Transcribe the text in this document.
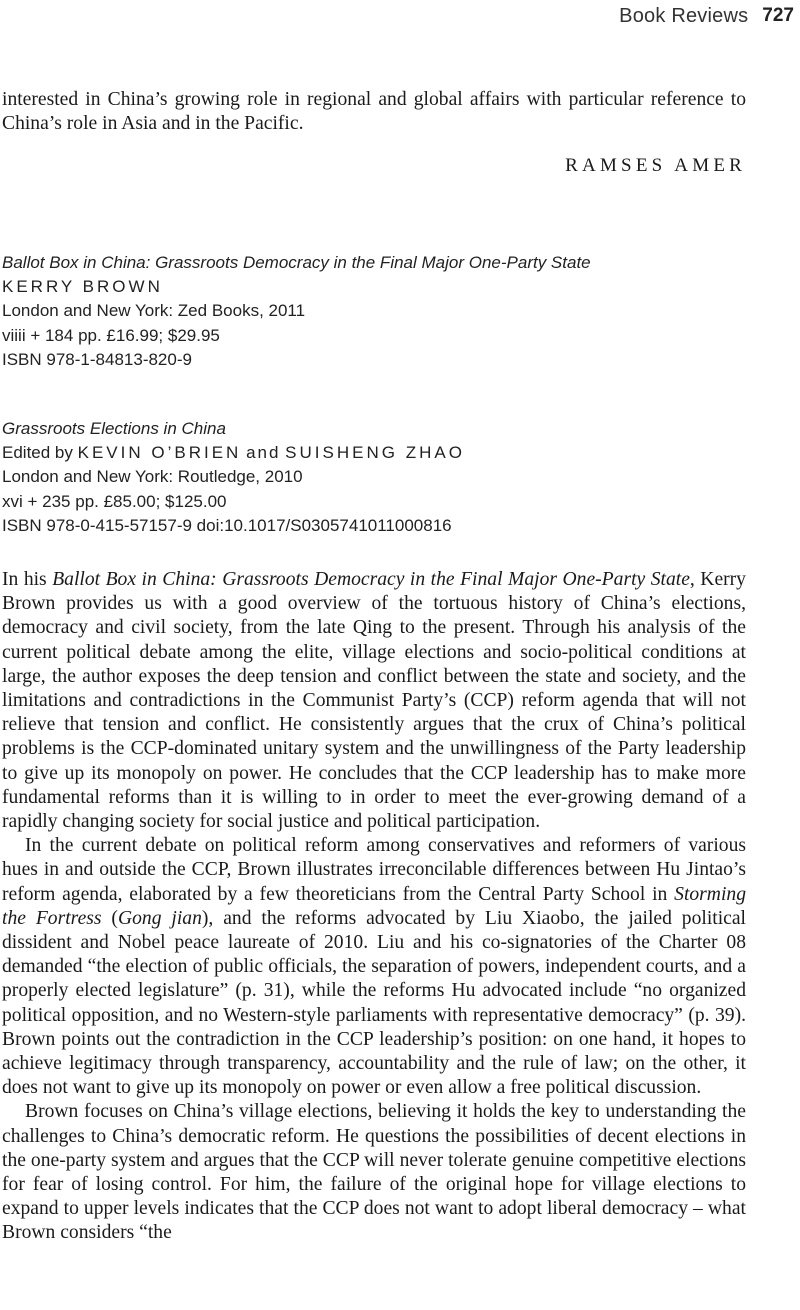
Book Reviews 727

interested in China’s growing role in regional and global affairs with particular reference to China’s role in Asia and in the Pacific.

RAMSES AMER
Ballot Box in China: Grassroots Democracy in the Final Major One-Party State
KERRY BROWN
London and New York: Zed Books, 2011
viiii + 184 pp. £16.99; $29.95
ISBN 978-1-84813-820-9
Grassroots Elections in China
Edited by KEVIN O’BRIEN and SUISHENG ZHAO
London and New York: Routledge, 2010
xvi + 235 pp. £85.00; $125.00
ISBN 978-0-415-57157-9 doi:10.1017/S0305741011000816

In his Ballot Box in China: Grassroots Democracy in the Final Major One-Party State, Kerry Brown provides us with a good overview of the tortuous history of China’s elections, democracy and civil society, from the late Qing to the present. Through his analysis of the current political debate among the elite, village elections and socio-political conditions at large, the author exposes the deep tension and conflict between the state and society, and the limitations and contradictions in the Communist Party’s (CCP) reform agenda that will not relieve that tension and conflict. He consistently argues that the crux of China’s political problems is the CCP-dominated unitary system and the unwillingness of the Party leadership to give up its monopoly on power. He concludes that the CCP leadership has to make more fundamental reforms than it is willing to in order to meet the ever-growing demand of a rapidly changing society for social justice and political participation.

In the current debate on political reform among conservatives and reformers of various hues in and outside the CCP, Brown illustrates irreconcilable differences between Hu Jintao’s reform agenda, elaborated by a few theoreticians from the Central Party School in Storming the Fortress (Gong jian), and the reforms advocated by Liu Xiaobo, the jailed political dissident and Nobel peace laureate of 2010. Liu and his co-signatories of the Charter 08 demanded “the election of public officials, the separation of powers, independent courts, and a properly elected legislature” (p. 31), while the reforms Hu advocated include “no organized political opposition, and no Western-style parliaments with representative democracy” (p. 39). Brown points out the contradiction in the CCP leadership’s position: on one hand, it hopes to achieve legitimacy through transparency, accountability and the rule of law; on the other, it does not want to give up its monopoly on power or even allow a free political discussion.

Brown focuses on China’s village elections, believing it holds the key to understanding the challenges to China’s democratic reform. He questions the possibilities of decent elections in the one-party system and argues that the CCP will never tolerate genuine competitive elections for fear of losing control. For him, the failure of the original hope for village elections to expand to upper levels indicates that the CCP does not want to adopt liberal democracy – what Brown considers “the
